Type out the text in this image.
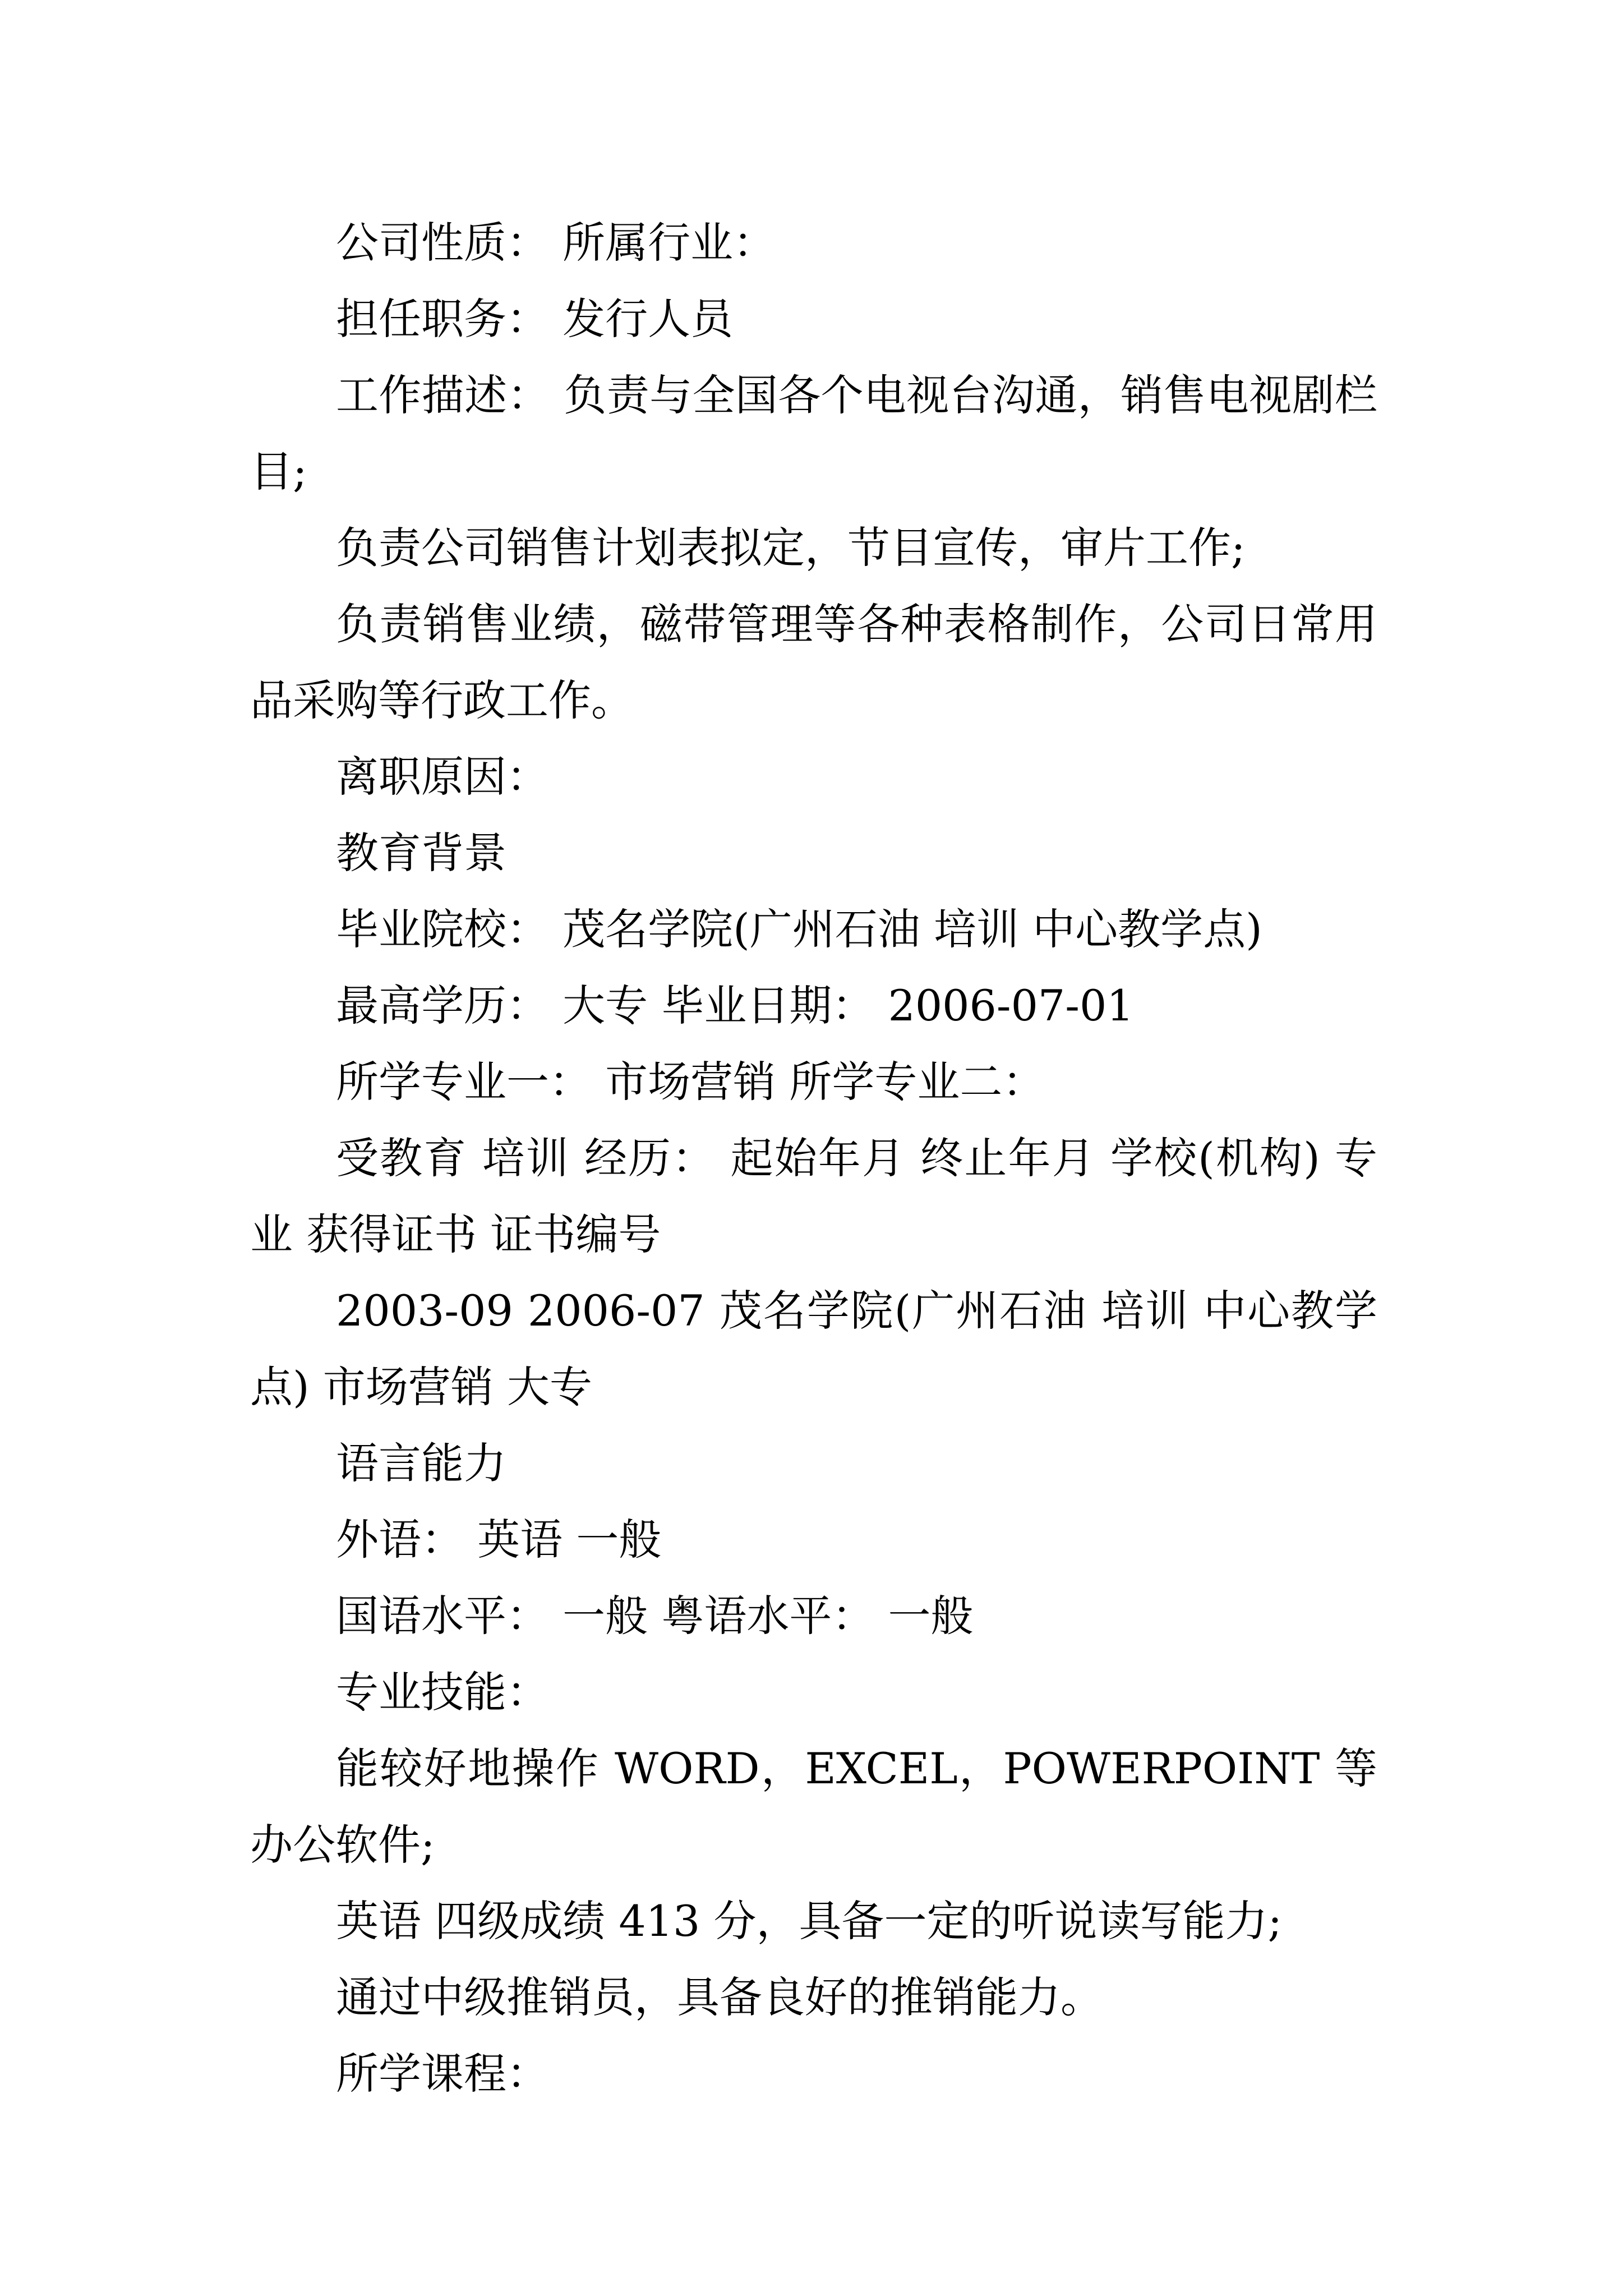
公司性质： 所属行业：

担任职务： 发行人员

工作描述： 负责与全国各个电视台沟通，销售电视剧栏目;

负责公司销售计划表拟定，节目宣传，审片工作;

负责销售业绩，磁带管理等各种表格制作，公司日常用品采购等行政工作。

离职原因：

教育背景

毕业院校： 茂名学院(广州石油 培训 中心教学点)

最高学历： 大专 毕业日期： 2006-07-01

所学专业一： 市场营销 所学专业二：

受教育 培训 经历： 起始年月 终止年月 学校(机构) 专业 获得证书 证书编号

2003-09 2006-07 茂名学院(广州石油 培训 中心教学点) 市场营销 大专

语言能力

外语： 英语 一般

国语水平： 一般 粤语水平： 一般

专业技能：

能较好地操作 WORD，EXCEL，POWERPOINT 等办公软件;

英语 四级成绩 413 分，具备一定的听说读写能力;

通过中级推销员，具备良好的推销能力。

所学课程：
